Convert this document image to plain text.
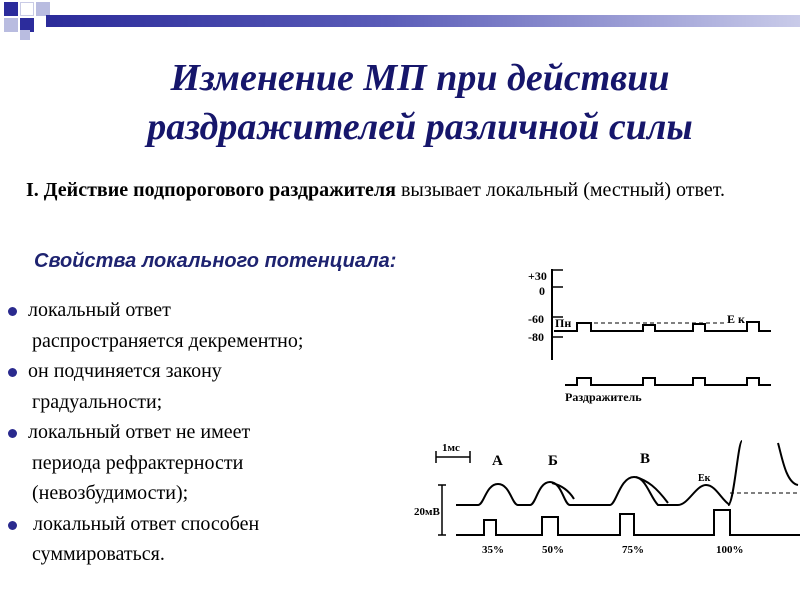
Изменение МП при действии
раздражителей различной силы
I. Действие подпорогового раздражителя вызывает локальный (местный) ответ.
Свойства локального потенциала:
локальный ответ
распространяется декрементно;
он подчиняется закону
градуальности;
локальный ответ не имеет
периода рефрактерности
(невозбудимости);
локальный ответ способен
суммироваться.
+30
0
-60
-80
Пн	Е к
Раздражитель
1мс
20мВ
А	Б	В
Ек
35%	50%	75%	100%
